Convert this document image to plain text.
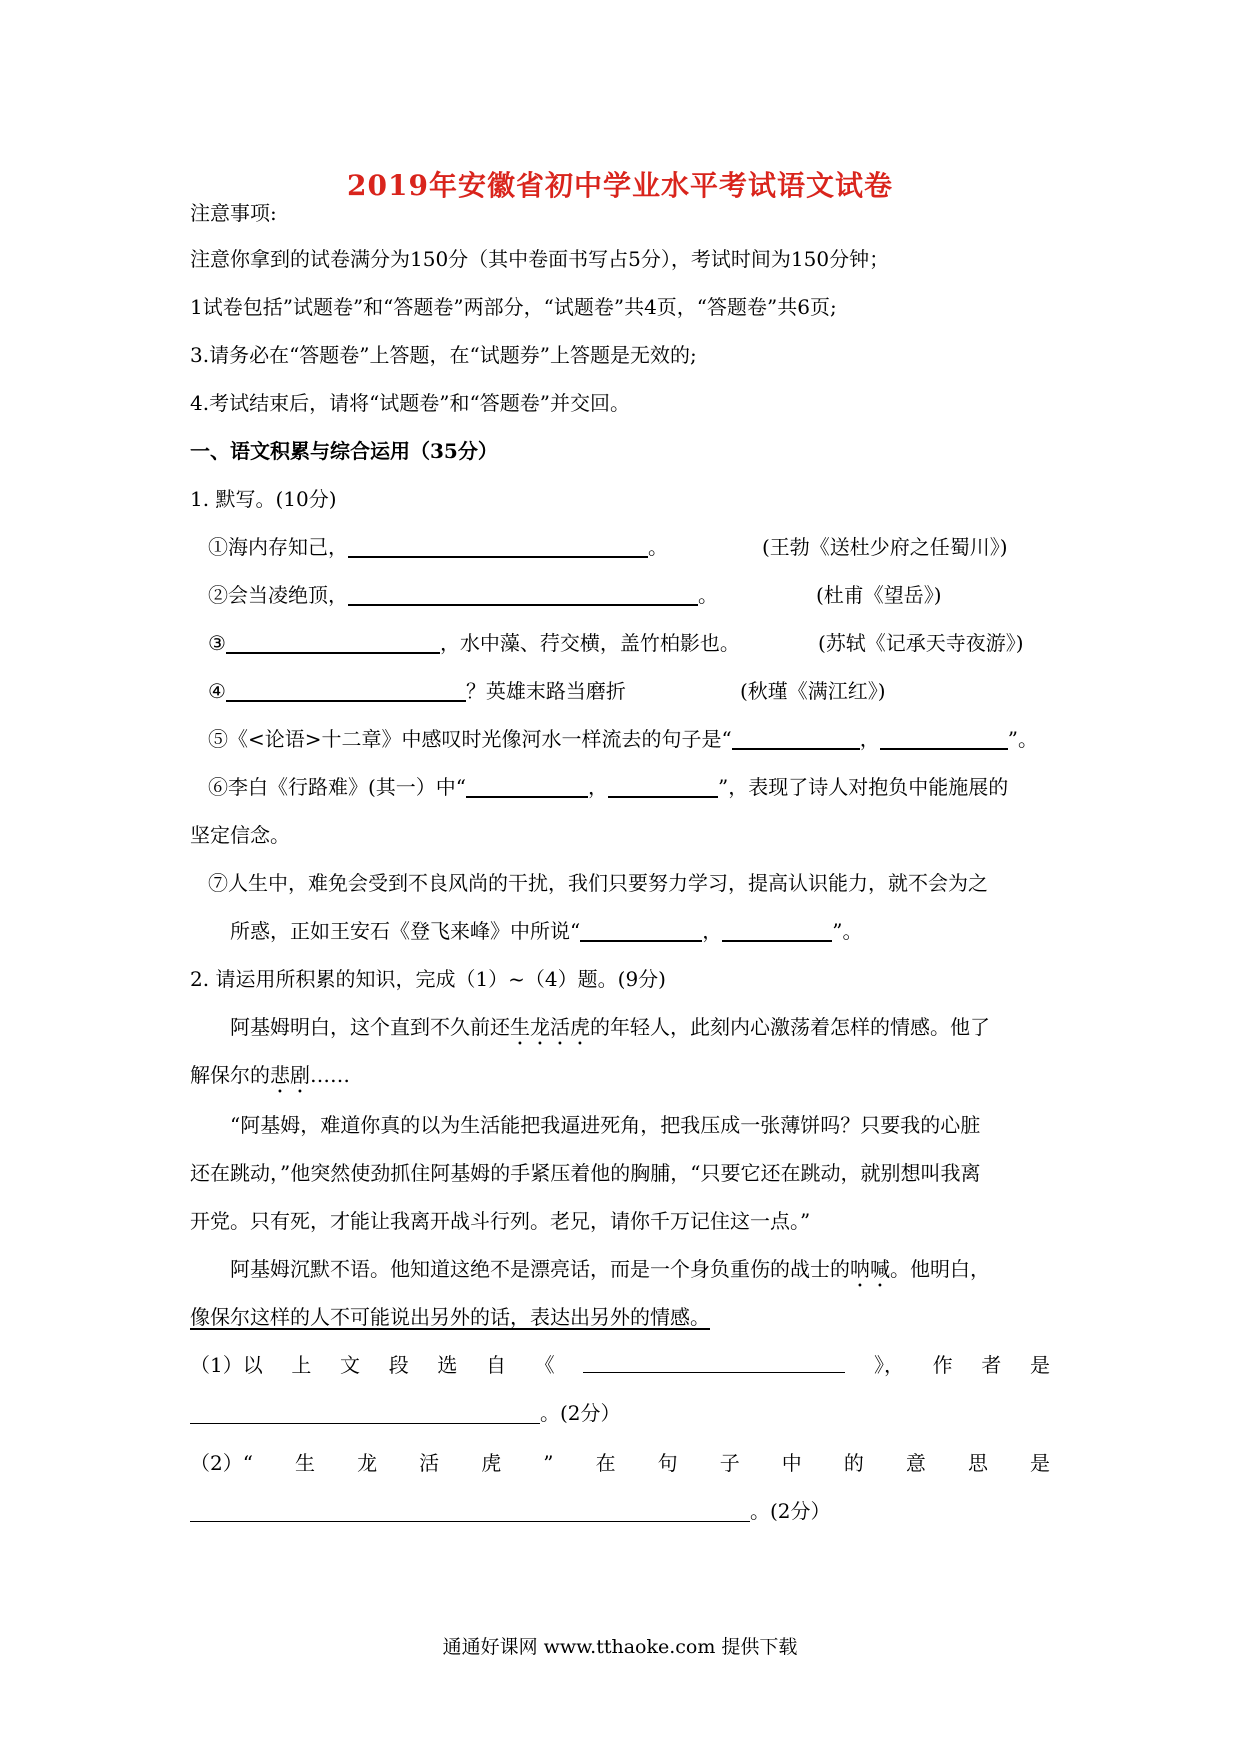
2019年安徽省初中学业水平考试语文试卷
注意事项:
注意你拿到的试卷满分为150分（其中卷面书写占5分），考试时间为150分钟；
1试卷包括”试题卷”和“答题卷”两部分，“试题卷”共4页，“答题卷”共6页;
3.请务必在“答题卷”上答题，在“试题券”上答题是无效的;
4.考试结束后，请将“试题卷”和“答题卷”并交回。
一、语文积累与综合运用（35分）
1. 默写。(10分)
①海内存知己，	。	(王勃《送杜少府之任蜀川》)
②会当凌绝顶，	。	(杜甫《望岳》)
③	，水中藻、荇交横，盖竹柏影也。	(苏轼《记承天寺夜游》)
④	？英雄末路当磨折	(秋瑾《满江红》)
⑤《<论语>十二章》中感叹时光像河水一样流去的句子是“	，	”。
⑥李白《行路难》(其一）中“	，	”，表现了诗人对抱负中能施展的
坚定信念。
⑦人生中，难免会受到不良风尚的干扰，我们只要努力学习，提高认识能力，就不会为之
所惑，正如王安石《登飞来峰》中所说“	，	”。
2. 请运用所积累的知识，完成（1）~（4）题。(9分)
阿基姆明白，这个直到不久前还生龙活虎的年轻人，此刻内心激荡着怎样的情感。他了
解保尔的悲剧……
“阿基姆，难道你真的以为生活能把我逼进死角，把我压成一张薄饼吗？只要我的心脏
还在跳动，”他突然使劲抓住阿基姆的手紧压着他的胸脯，“只要它还在跳动，就别想叫我离
开党。只有死，才能让我离开战斗行列。老兄，请你千万记住这一点。”
阿基姆沉默不语。他知道这绝不是漂亮话，而是一个身负重伤的战士的呐喊。他明白，
像保尔这样的人不可能说出另外的话，表达出另外的情感。
（1）以 上 文 段 选 自 《	》， 作 者 是
。(2分）
（2）“ 生 龙 活 虎 ” 在 句 子 中 的 意 思 是
。(2分）
通通好课网 www.tthaoke.com 提供下载
